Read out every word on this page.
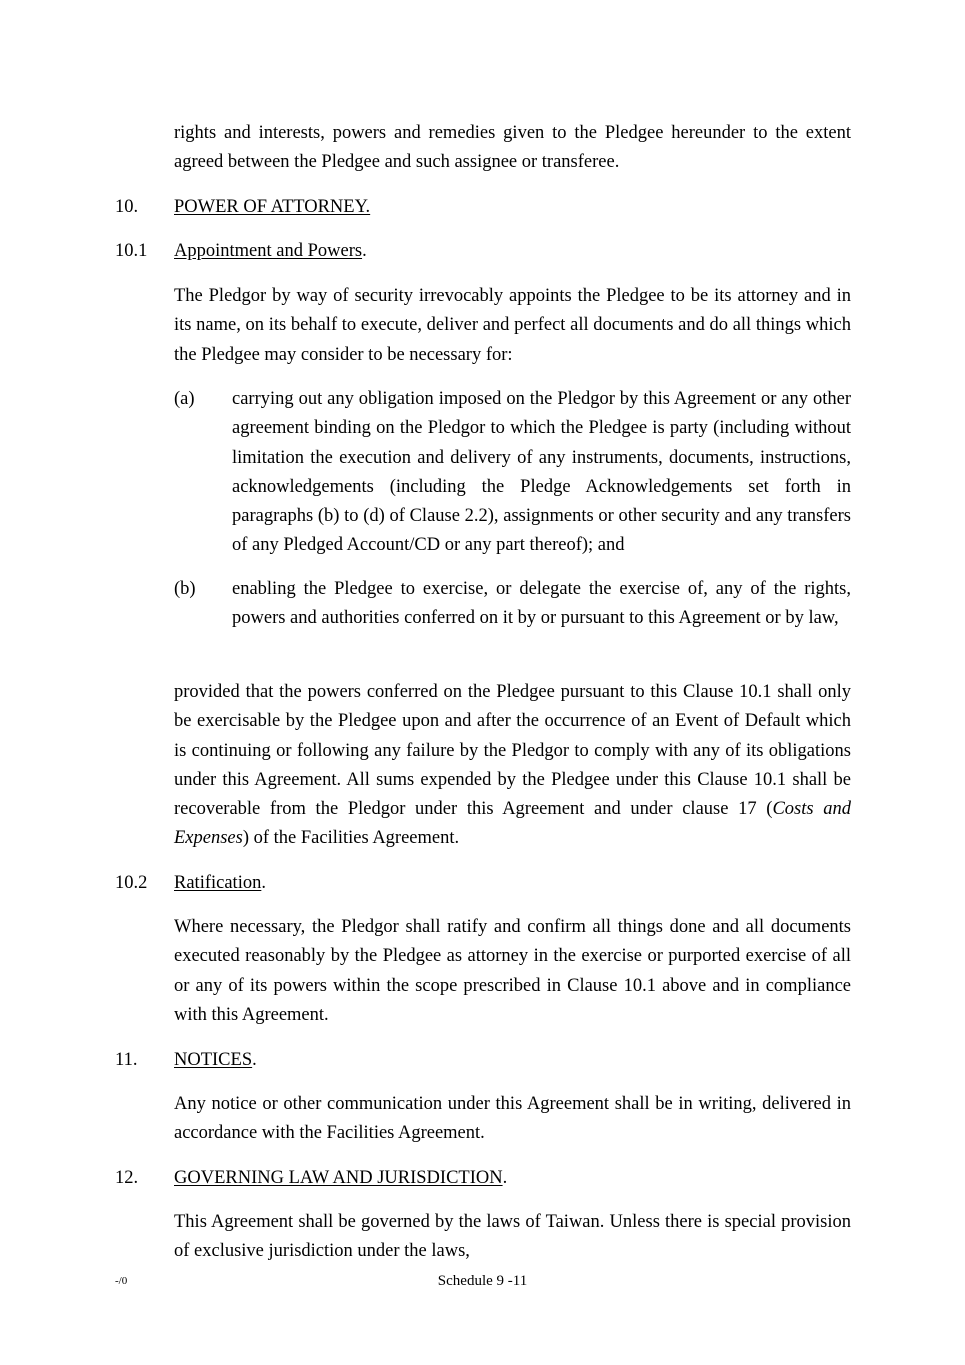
rights and interests, powers and remedies given to the Pledgee hereunder to the extent agreed between the Pledgee and such assignee or transferee.

10. POWER OF ATTORNEY.
10.1 Appointment and Powers.

The Pledgor by way of security irrevocably appoints the Pledgee to be its attorney and in its name, on its behalf to execute, deliver and perfect all documents and do all things which the Pledgee may consider to be necessary for:

(a) carrying out any obligation imposed on the Pledgor by this Agreement or any other agreement binding on the Pledgor to which the Pledgee is party (including without limitation the execution and delivery of any instruments, documents, instructions, acknowledgements (including the Pledge Acknowledgements set forth in paragraphs (b) to (d) of Clause 2.2), assignments or other security and any transfers of any Pledged Account/CD or any part thereof); and

(b) enabling the Pledgee to exercise, or delegate the exercise of, any of the rights, powers and authorities conferred on it by or pursuant to this Agreement or by law,

provided that the powers conferred on the Pledgee pursuant to this Clause 10.1 shall only be exercisable by the Pledgee upon and after the occurrence of an Event of Default which is continuing or following any failure by the Pledgor to comply with any of its obligations under this Agreement. All sums expended by the Pledgee under this Clause 10.1 shall be recoverable from the Pledgor under this Agreement and under clause 17 (Costs and Expenses) of the Facilities Agreement.

10.2 Ratification.

Where necessary, the Pledgor shall ratify and confirm all things done and all documents executed reasonably by the Pledgee as attorney in the exercise or purported exercise of all or any of its powers within the scope prescribed in Clause 10.1 above and in compliance with this Agreement.

11. NOTICES.

Any notice or other communication under this Agreement shall be in writing, delivered in accordance with the Facilities Agreement.

12. GOVERNING LAW AND JURISDICTION.

This Agreement shall be governed by the laws of Taiwan. Unless there is special provision of exclusive jurisdiction under the laws,

-/0	Schedule 9 -11
